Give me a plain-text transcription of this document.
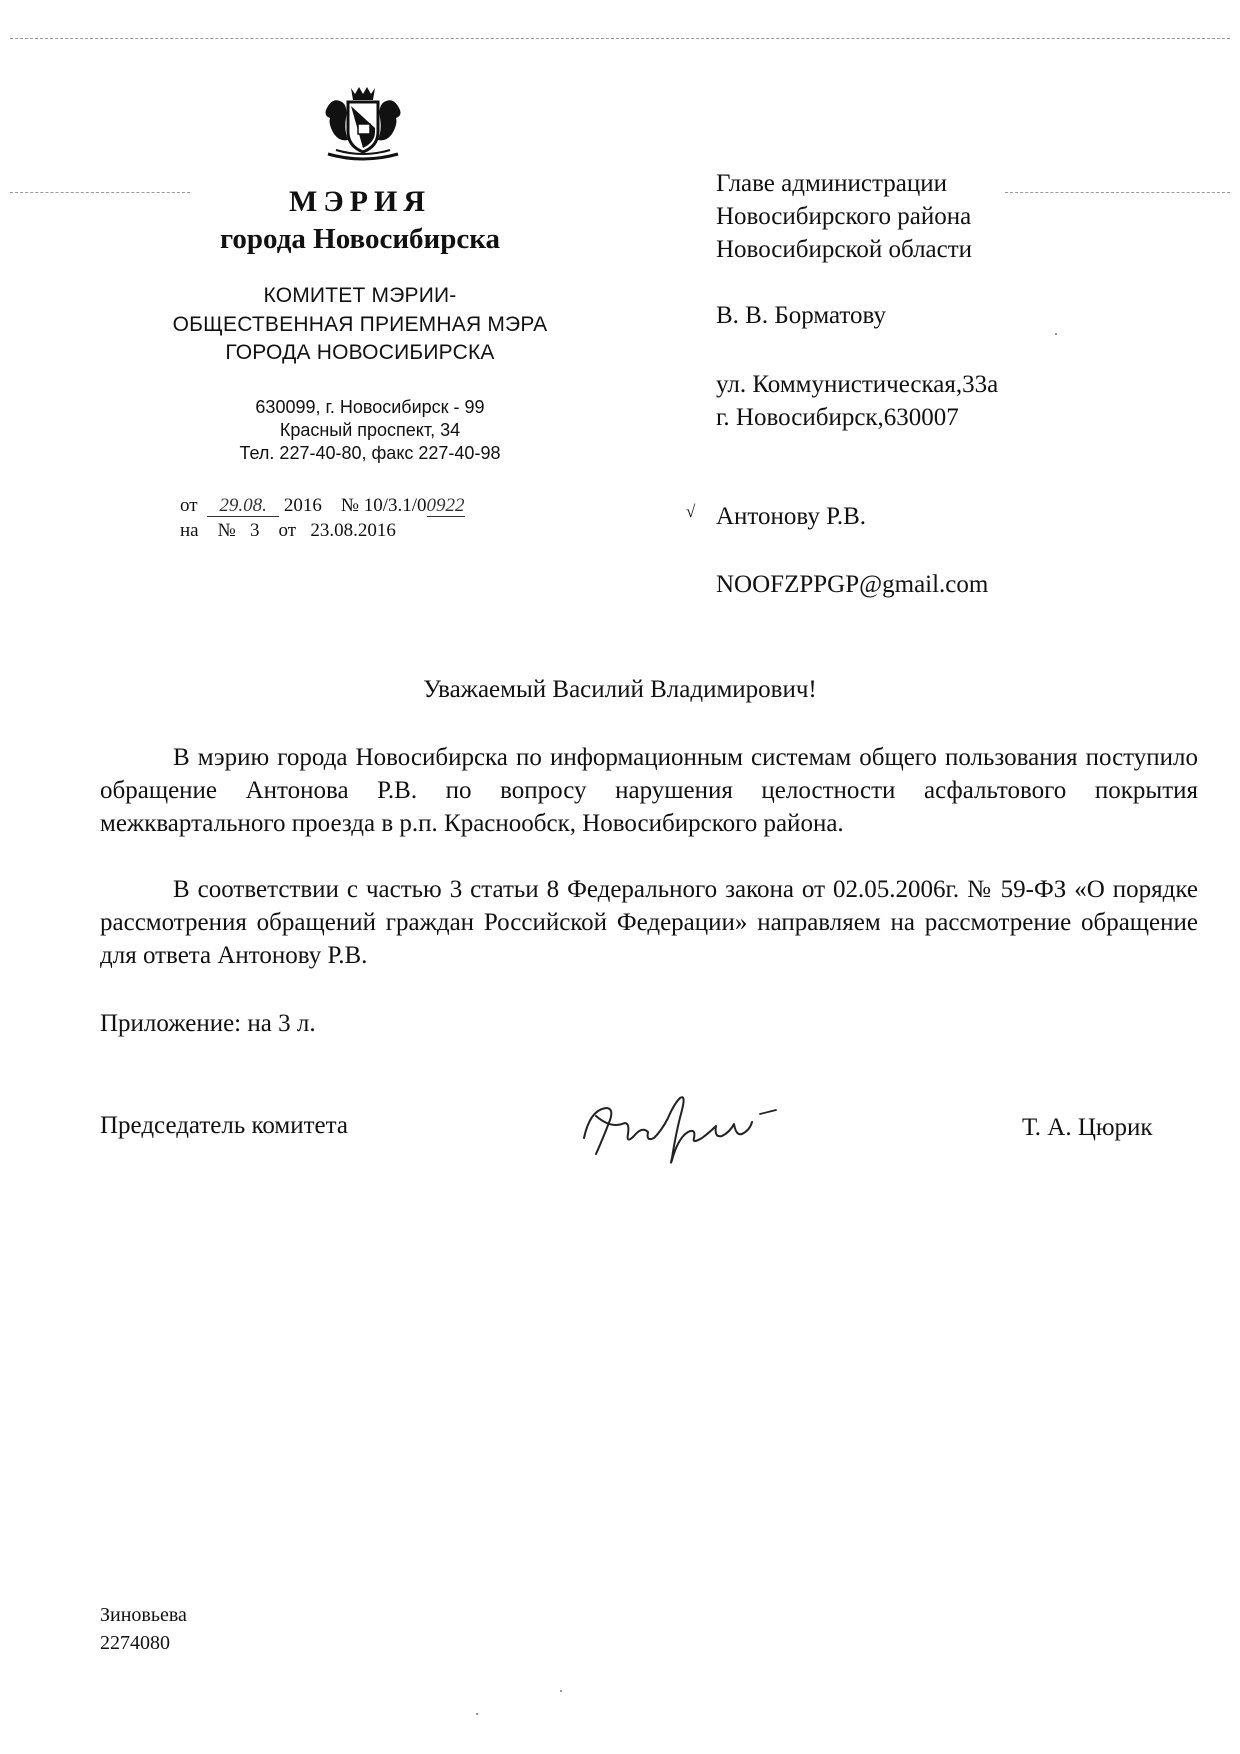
МЭРИЯ
города Новосибирска
КОМИТЕТ МЭРИИ-
ОБЩЕСТВЕННАЯ ПРИЕМНАЯ МЭРА
ГОРОДА НОВОСИБИРСКА
630099, г. Новосибирск - 99
Красный проспект, 34
Тел. 227-40-80, факс 227-40-98
от 29.08. 2016 № 10/3.1/00922
на № 3 от 23.08.2016
Главе администрации
Новосибирского района
Новосибирской области
В. В. Борматову
ул. Коммунистическая,33а
г. Новосибирск,630007
√ Антонову Р.В.
NOOFZPPGP@gmail.com
Уважаемый Василий Владимирович!
В мэрию города Новосибирска по информационным системам общего пользования поступило обращение Антонова Р.В. по вопросу нарушения целостности асфальтового покрытия межквартального проезда в р.п. Краснообск, Новосибирского района.
В соответствии с частью 3 статьи 8 Федерального закона от 02.05.2006г. № 59-ФЗ «О порядке рассмотрения обращений граждан Российской Федерации» направляем на рассмотрение обращение для ответа Антонову Р.В.
Приложение: на 3 л.
Председатель комитета	Т. А. Цюрик
Зиновьева
2274080
